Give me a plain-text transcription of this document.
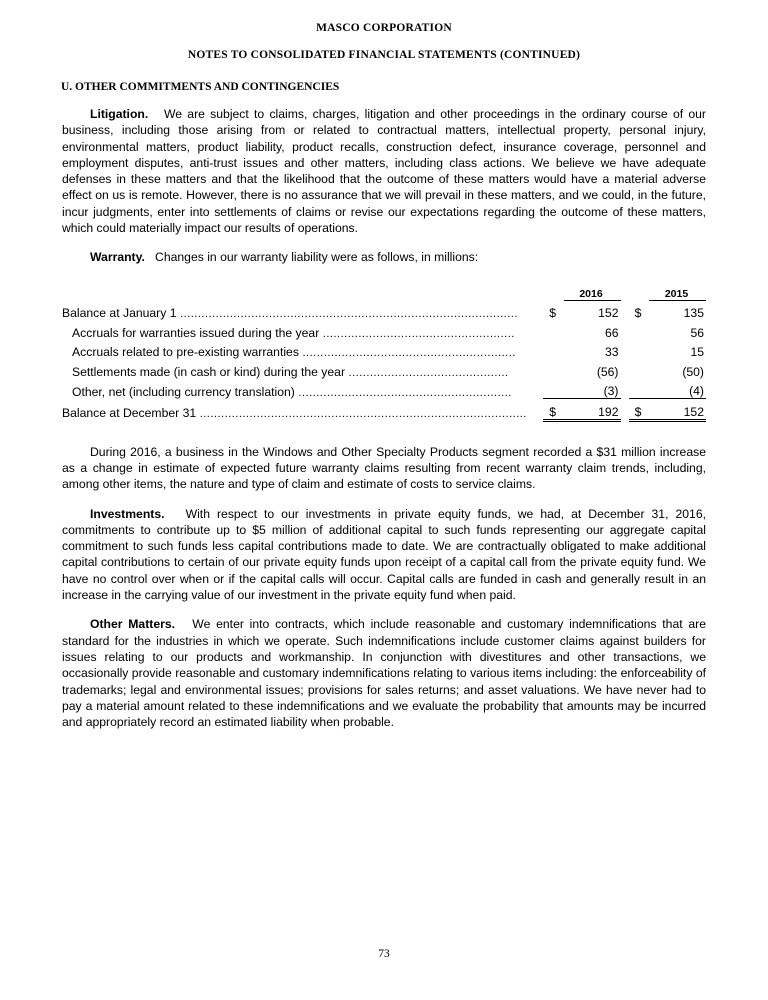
MASCO CORPORATION
NOTES TO CONSOLIDATED FINANCIAL STATEMENTS (CONTINUED)
U. OTHER COMMITMENTS AND CONTINGENCIES

Litigation. We are subject to claims, charges, litigation and other proceedings in the ordinary course of our business, including those arising from or related to contractual matters, intellectual property, personal injury, environmental matters, product liability, product recalls, construction defect, insurance coverage, personnel and employment disputes, anti-trust issues and other matters, including class actions. We believe we have adequate defenses in these matters and that the likelihood that the outcome of these matters would have a material adverse effect on us is remote. However, there is no assurance that we will prevail in these matters, and we could, in the future, incur judgments, enter into settlements of claims or revise our expectations regarding the outcome of these matters, which could materially impact our results of operations.

Warranty. Changes in our warranty liability were as follows, in millions:

		2016			2015
Balance at January 1 ...............................................................................................	$	152		$	135
Accruals for warranties issued during the year ......................................................		66			56
Accruals related to pre-existing warranties ............................................................		33			15
Settlements made (in cash or kind) during the year .............................................		(56)			(50)
Other, net (including currency translation) ............................................................		(3)			(4)
Balance at December 31 ............................................................................................	$	192		$	152

During 2016, a business in the Windows and Other Specialty Products segment recorded a $31 million increase as a change in estimate of expected future warranty claims resulting from recent warranty claim trends, including, among other items, the nature and type of claim and estimate of costs to service claims.

Investments. With respect to our investments in private equity funds, we had, at December 31, 2016, commitments to contribute up to $5 million of additional capital to such funds representing our aggregate capital commitment to such funds less capital contributions made to date. We are contractually obligated to make additional capital contributions to certain of our private equity funds upon receipt of a capital call from the private equity fund. We have no control over when or if the capital calls will occur. Capital calls are funded in cash and generally result in an increase in the carrying value of our investment in the private equity fund when paid.

Other Matters. We enter into contracts, which include reasonable and customary indemnifications that are standard for the industries in which we operate. Such indemnifications include customer claims against builders for issues relating to our products and workmanship. In conjunction with divestitures and other transactions, we occasionally provide reasonable and customary indemnifications relating to various items including: the enforceability of trademarks; legal and environmental issues; provisions for sales returns; and asset valuations. We have never had to pay a material amount related to these indemnifications and we evaluate the probability that amounts may be incurred and appropriately record an estimated liability when probable.

73
